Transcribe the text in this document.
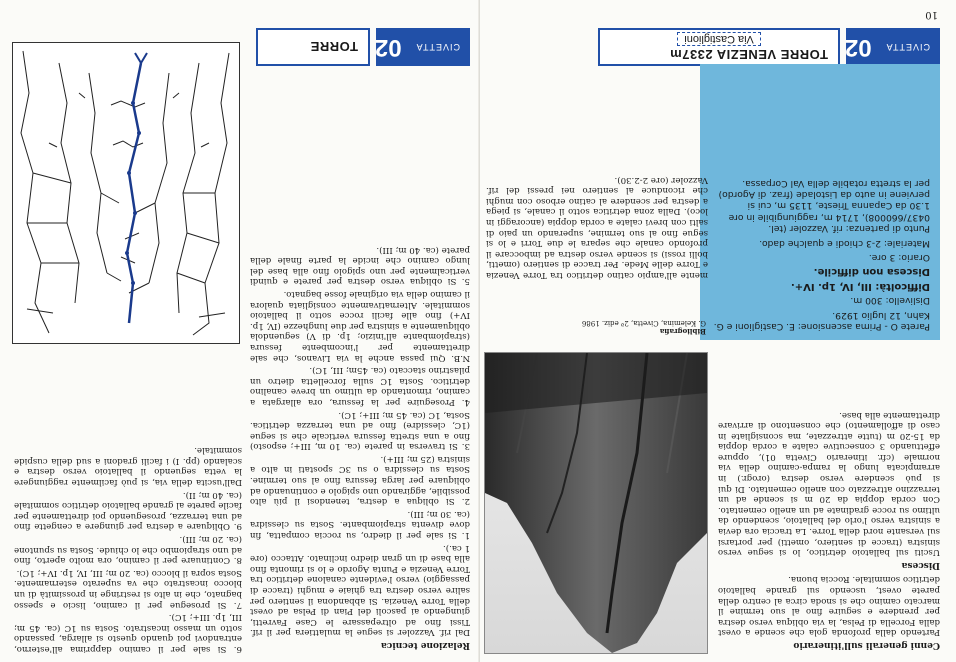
10
CIVETTA
02
TORRE VENEZIA 2337m
Via Castiglioni

Parete O - Prima ascensione: E. Castiglioni e G. Kahn, 12 luglio 1929.

Dislivello: 300 m.

Difficoltà: III, IV, 1p. IV+.

Discesa non difficile.

Orario: 3 ore.

Materiale: 2-3 chiodi e qualche dado.

Punto di partenza: rif. Vazzoler (tel. 0437/660008), 1714 m, raggiungibile in ore 1.30 da Capanna Trieste, 1135 m, cui si perviene in auto da Listolade (fraz. di Agordo) per la stretta rotabile della Val Corpassa.

Cenni generali sull'itinerario

Partendo dalla profonda gola che scende a ovest dalla Forcella di Pelsa, la via obliqua verso destra per prendere e seguire fino al suo termine il marcato camino che si snoda circa al centro della parete ovest, uscendo sul grande ballatoio detritico sommitale. Roccia buona.

Discesa

Usciti sul ballatoio detritico, lo si segue verso sinistra (tracce di sentiero, ometti) per portarsi sul versante nord della Torre. La traccia ora devia a sinistra verso l'orlo del ballatoio, scendendo da ultimo su rocce gradinate ad un anello cementato. Con corda doppia da 20 m si scende ad un terrazzino attrezzato con anello cementato. Di qui si può scendere verso destra (orogr.) in arrampicata lungo la rampa-camino della via normale (cfr. itinerario Civetta 01), oppure effettuando 3 consecutive calate a corda doppia da 15-20 m (tutte attrezzate, ma sconsigliate in caso di affollamento) che consentono di arrivare direttamente alla base.

mente all'ampio catino detritico tra Torre Venezia e Torre delle Mede. Per tracce di sentiero (ometti, bolli rossi) si scende verso destra ad imboccare il profondo canale che separa le due Torri e lo si segue fino al suo termine, superando un paio di salti con brevi calate a corda doppia (ancoraggi in loco). Dalla zona detritica sotto il canale, si piega a destra per scendere al catino erboso con mughi che riconduce al sentiero nei pressi del rif. Vazzoler (ore 2-2.30).

Bibliografia
G. Kelemina, Civetta, 2ª ediz. 1986
CIVETTA
02
TORRE
Relazione tecnica

Dal rif. Vazzoler si segue la mulattiera per il rif. Tissi fino ad oltrepassare le Case Favretti, giungendo ai pascoli del Pian di Pelsa ad ovest della Torre Venezia. Si abbandona il sentiero per salire verso destra tra ghiaie e mughi (tracce di passaggio) verso l'evidente canalone detritico tra Torre Venezia e Punta Agordo e lo si rimonta fino alla base di un gran diedro inclinato. Attacco (ore 1 ca.).

1. Si sale per il diedro, su roccia compatta, fin dove diventa strapiombante. Sosta su clessidra (ca. 30 m; III).

2. Si obliqua a destra, tenendosi il più alto possibile, aggirando uno spigolo e continuando ad obliquare per larga fessura fino al suo termine. Sosta su clessidra o su 3C spostati in alto a sinistra (25 m; III+).

3. Si traversa in parete (ca. 10 m, III+; esposto) fino a una stretta fessura verticale che si segue (1C, clessidre) fino ad una terrazza detritica. Sosta, 1C (ca. 45 m; III+; 1C).

4. Proseguire per la fessura, ora allargata a camino, rimontando da ultimo un breve canalino detritico. Sosta 1C sulla forcelletta dietro un pilastrino staccato (ca. 45m; III, 1C).

N.B. Qui passa anche la via Livanos, che sale direttamente per l'incombente fessura (strapiombante all'inizio; 1p. di V) seguendola obliquamente a sinistra per due lunghezze (IV, 1p. IV+) fino alle facili rocce sotto il ballatoio sommitale. Alternativamente consigliata qualora il camino della via originale fosse bagnato.

5. Si obliqua verso destra per parete e quindi verticalmente per uno spigolo fino alla base del lungo camino che incide la parte finale della parete (ca. 40 m; III).

6. Si sale per il camino dapprima all'esterno, entrandovi poi quando questo si allarga, passando sotto un masso incastrato. Sosta su 1C (ca. 45 m; III, 1p. III+; 1C).

7. Si prosegue per il camino, liscio e spesso bagnato, che in alto si restringe in prossimità di un blocco incastrato che va superato esternamente. Sosta sopra il blocco (ca. 20 m; III, IV, 1p. IV+; 1C).

8. Continuare per il camino, ora molto aperto, fino ad uno strapiombo che lo chiude. Sosta su spuntone (ca. 20 m; III).

9. Obliquare a destra per giungere a cengette fino ad una terrazza, proseguendo poi direttamente per facile parete al grande ballatoio detritico sommitale (ca. 40 m; II).

Dall'uscita della via, si può facilmente raggiungere la vetta seguendo il ballatoio verso destra e scalando (pp. I) i facili gradoni a sud della cuspide sommitale.
